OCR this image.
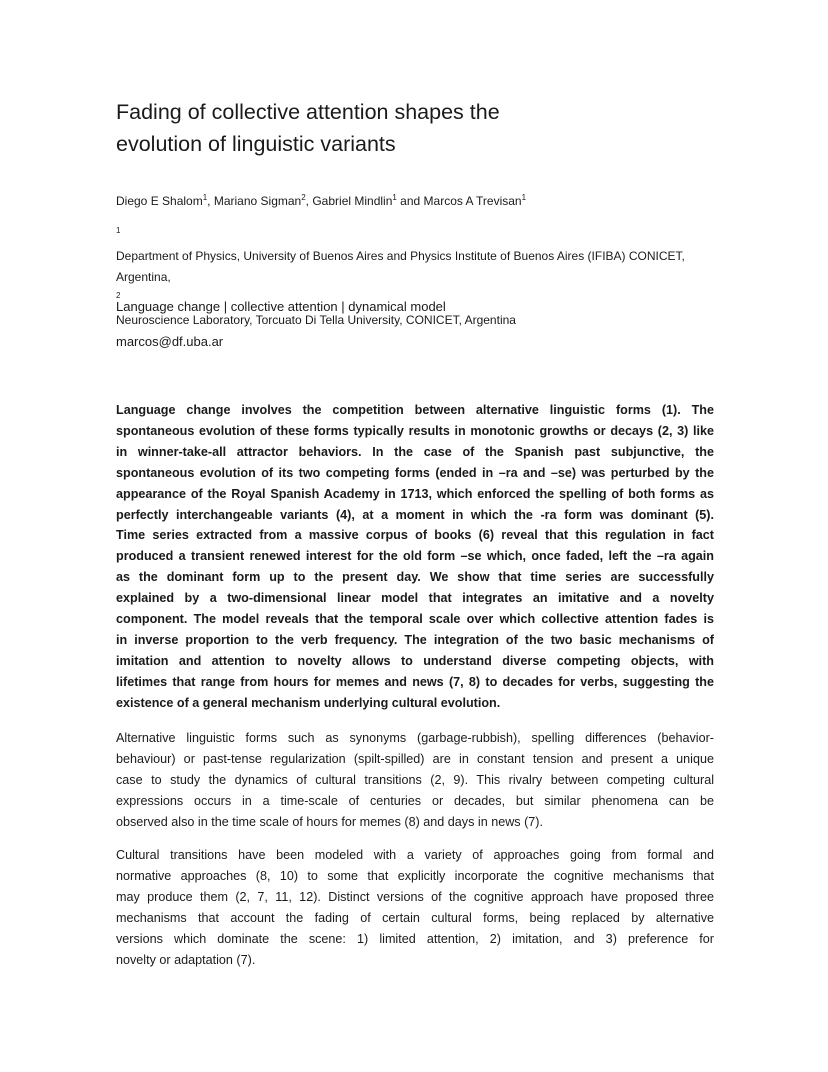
Fading of collective attention shapes the
evolution of linguistic variants
Diego E Shalom$^1$, Mariano Sigman$^2$, Gabriel Mindlin$^1$ and Marcos A Trevisan$^1$
$^1$
Department of Physics, University of Buenos Aires and Physics Institute of Buenos Aires (IFIBA) CONICET,
Argentina,
$^2$
Neuroscience Laboratory, Torcuato Di Tella University, CONICET, Argentina
Language change | collective attention | dynamical model
marcos@df.uba.ar
Language change involves the competition between alternative linguistic forms (1). The
spontaneous evolution of these forms typically results in monotonic growths or decays (2, 3) like
in winner-take-all attractor behaviors. In the case of the Spanish past subjunctive, the
spontaneous evolution of its two competing forms (ended in –ra and –se) was perturbed by the
appearance of the Royal Spanish Academy in 1713, which enforced the spelling of both forms as
perfectly interchangeable variants (4), at a moment in which the -ra form was dominant (5).
Time series extracted from a massive corpus of books (6) reveal that this regulation in fact
produced a transient renewed interest for the old form –se which, once faded, left the –ra again
as the dominant form up to the present day. We show that time series are successfully
explained by a two-dimensional linear model that integrates an imitative and a novelty
component. The model reveals that the temporal scale over which collective attention fades is
in inverse proportion to the verb frequency. The integration of the two basic mechanisms of
imitation and attention to novelty allows to understand diverse competing objects, with
lifetimes that range from hours for memes and news (7, 8) to decades for verbs, suggesting the
existence of a general mechanism underlying cultural evolution.
Alternative linguistic forms such as synonyms (garbage-rubbish), spelling differences (behavior-
behaviour) or past-tense regularization (spilt-spilled) are in constant tension and present a unique
case to study the dynamics of cultural transitions (2, 9). This rivalry between competing cultural
expressions occurs in a time-scale of centuries or decades, but similar phenomena can be
observed also in the time scale of hours for memes (8) and days in news (7).
Cultural transitions have been modeled with a variety of approaches going from formal and
normative approaches (8, 10) to some that explicitly incorporate the cognitive mechanisms that
may produce them (2, 7, 11, 12). Distinct versions of the cognitive approach have proposed three
mechanisms that account the fading of certain cultural forms, being replaced by alternative
versions which dominate the scene: 1) limited attention, 2) imitation, and 3) preference for
novelty or adaptation (7).
